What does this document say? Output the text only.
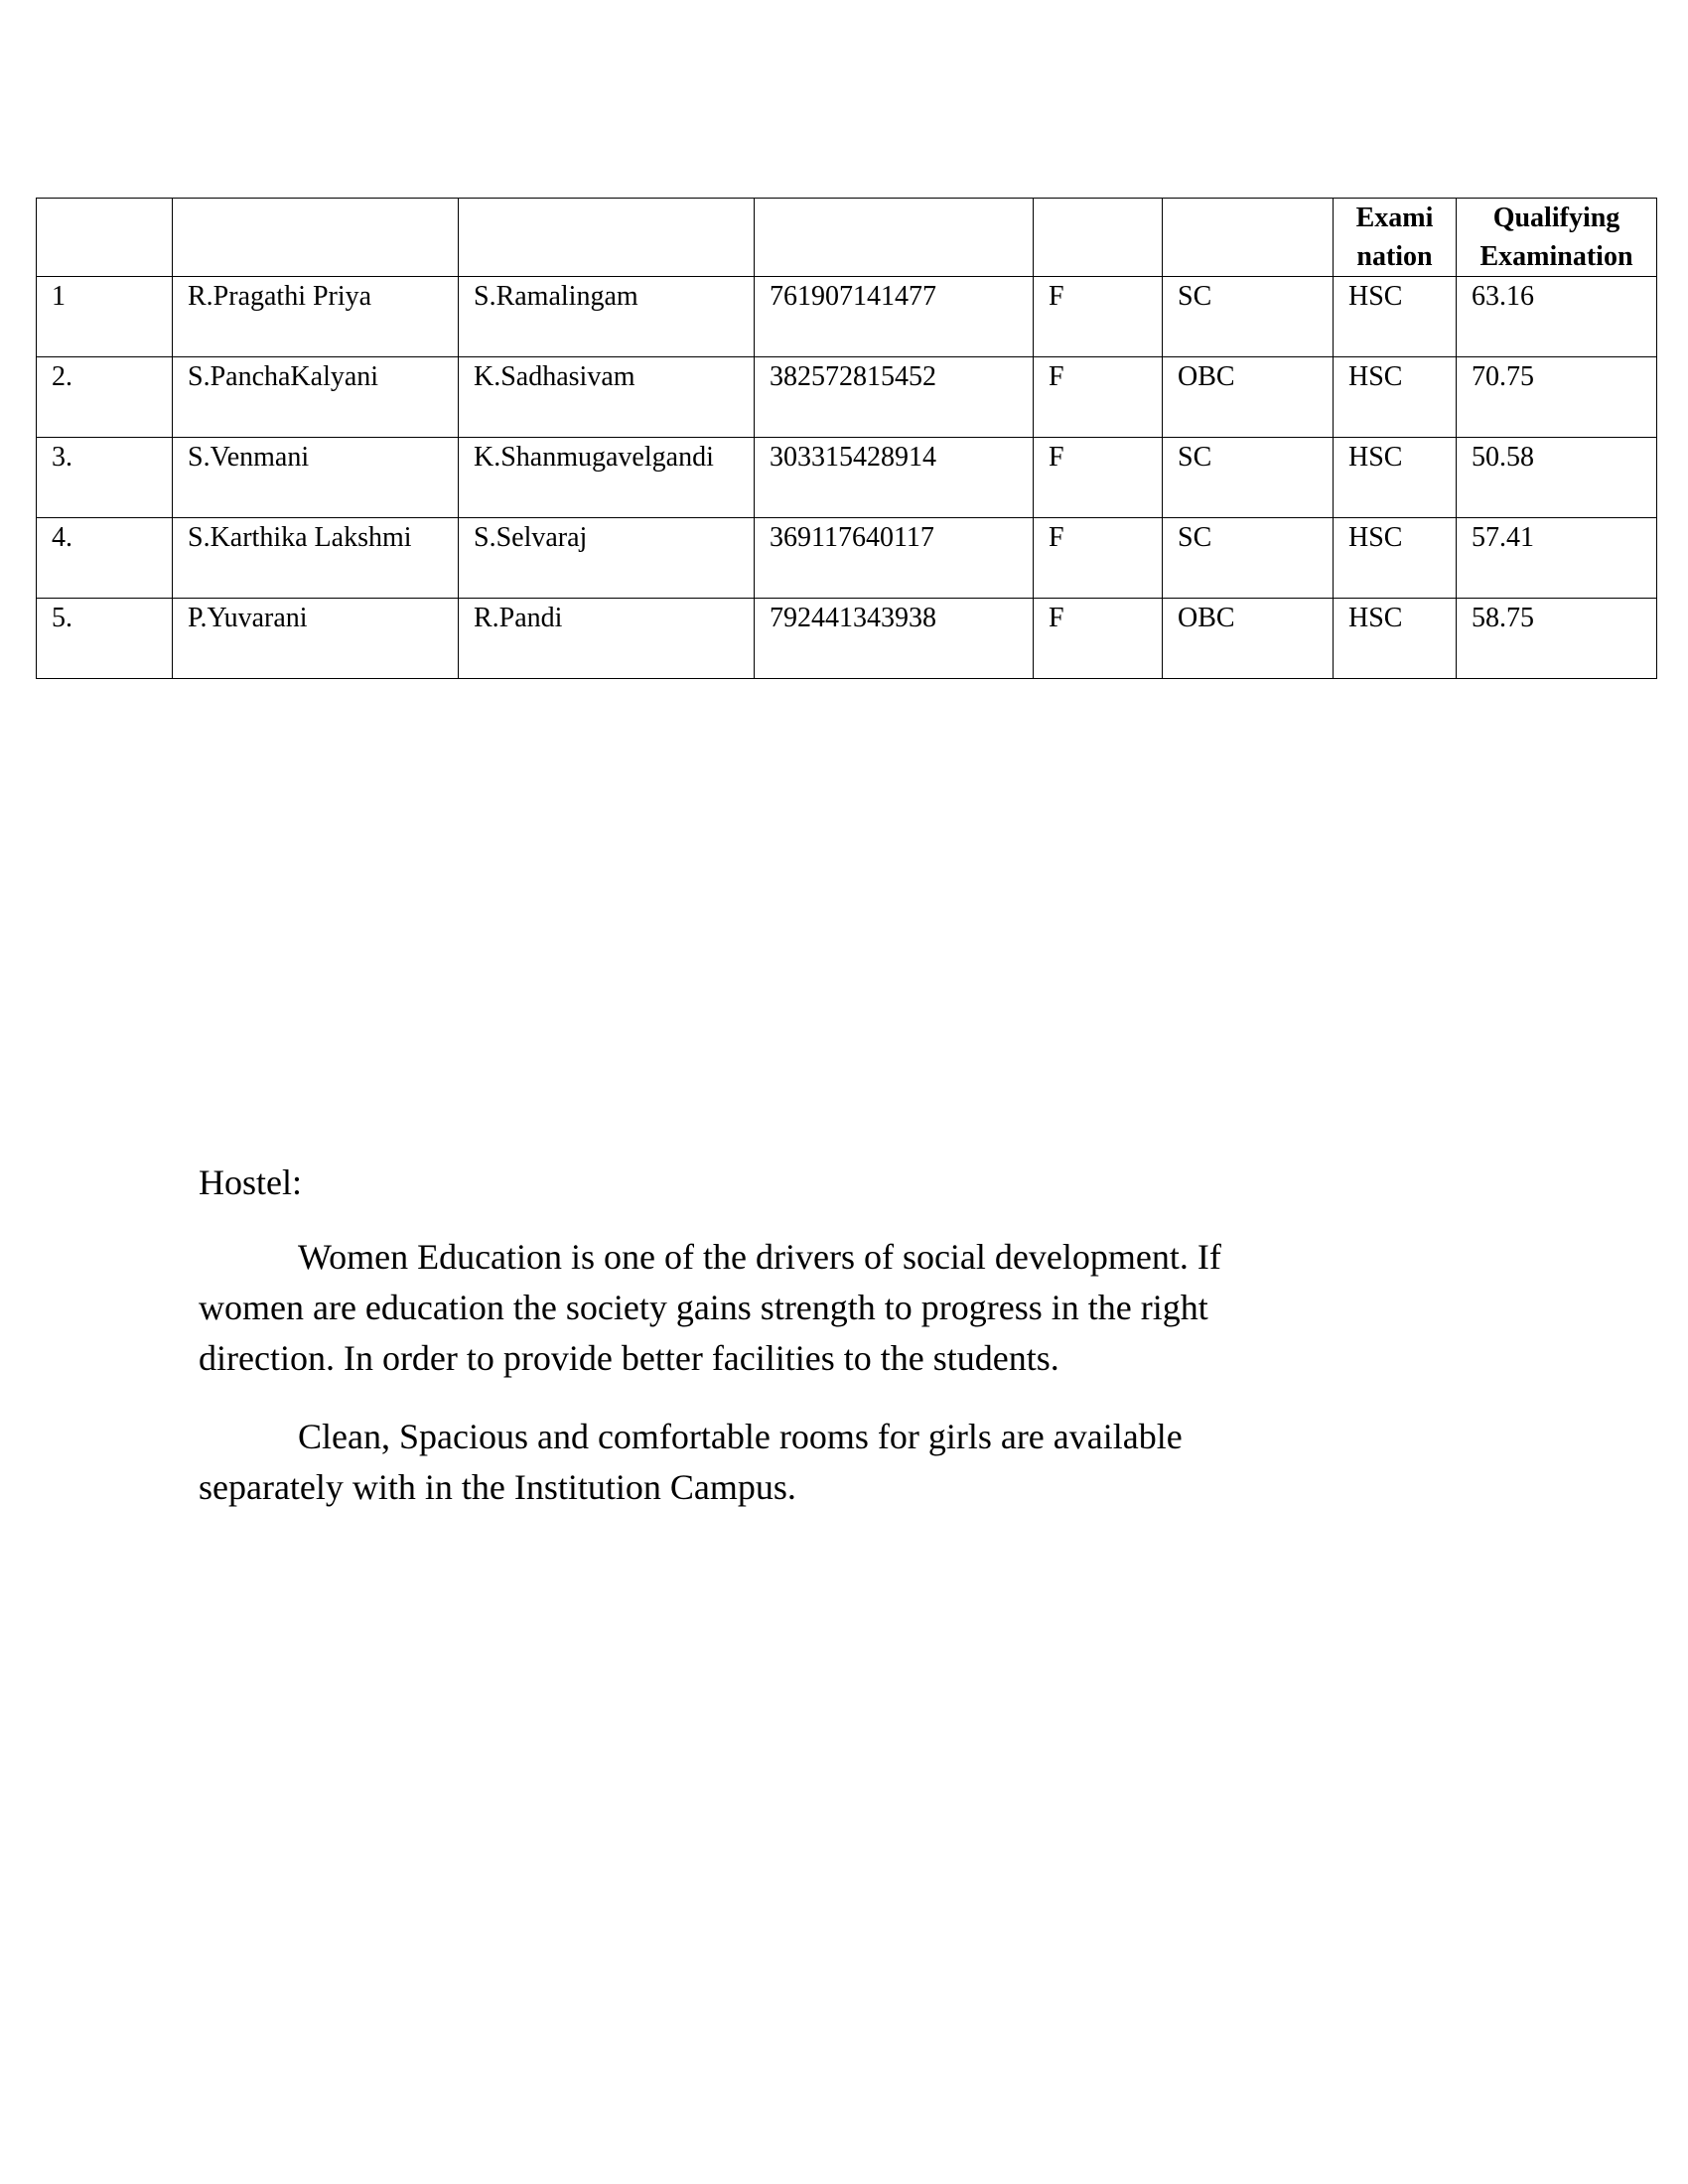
						Exami nation	Qualifying Examination
1	R.Pragathi Priya	S.Ramalingam	761907141477	F	SC	HSC	63.16
2.	S.PanchaKalyani	K.Sadhasivam	382572815452	F	OBC	HSC	70.75
3.	S.Venmani	K.Shanmugavelgandi	303315428914	F	SC	HSC	50.58
4.	S.Karthika Lakshmi	S.Selvaraj	369117640117	F	SC	HSC	57.41
5.	P.Yuvarani	R.Pandi	792441343938	F	OBC	HSC	58.75
Hostel:

Women Education is one of the drivers of social development. If women are education the society gains strength to progress in the right direction. In order to provide better facilities to the students.

Clean, Spacious and comfortable rooms for girls are available separately with in the Institution Campus.
